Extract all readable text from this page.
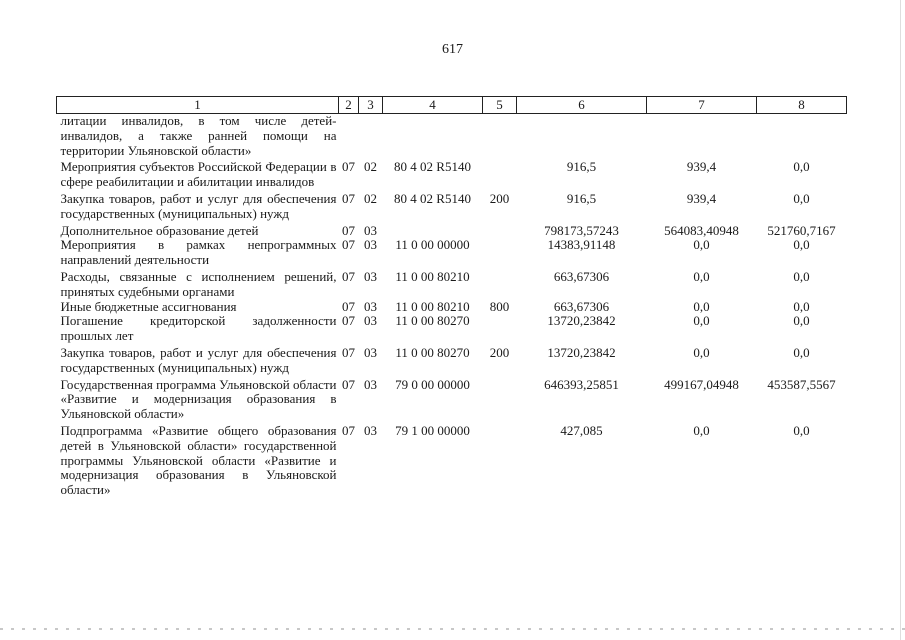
617
1	2	3	4	5	6	7	8
литации инвалидов, в том числе детей-инвалидов, а также ранней помощи на территории Ульяновской области»							
Мероприятия субъектов Российской Федерации в сфере реабилитации и абилитации инвалидов	07	02	80 4 02 R5140		916,5	939,4	0,0
Закупка товаров, работ и услуг для обеспечения государственных (муниципальных) нужд	07	02	80 4 02 R5140	200	916,5	939,4	0,0
Дополнительное образование детей	07	03			798173,57243	564083,40948	521760,7167
Мероприятия в рамках непрограммных направлений деятельности	07	03	11 0 00 00000		14383,91148	0,0	0,0
Расходы, связанные с исполнением решений, принятых судебными органами	07	03	11 0 00 80210		663,67306	0,0	0,0
Иные бюджетные ассигнования	07	03	11 0 00 80210	800	663,67306	0,0	0,0
Погашение кредиторской задолженности прошлых лет	07	03	11 0 00 80270		13720,23842	0,0	0,0
Закупка товаров, работ и услуг для обеспечения государственных (муниципальных) нужд	07	03	11 0 00 80270	200	13720,23842	0,0	0,0
Государственная программа Ульяновской области «Развитие и модернизация образования в Ульяновской области»	07	03	79 0 00 00000		646393,25851	499167,04948	453587,5567
Подпрограмма «Развитие общего образования детей в Ульяновской области» государственной программы Ульяновской области «Развитие и модернизация образования в Ульяновской области»	07	03	79 1 00 00000		427,085	0,0	0,0
